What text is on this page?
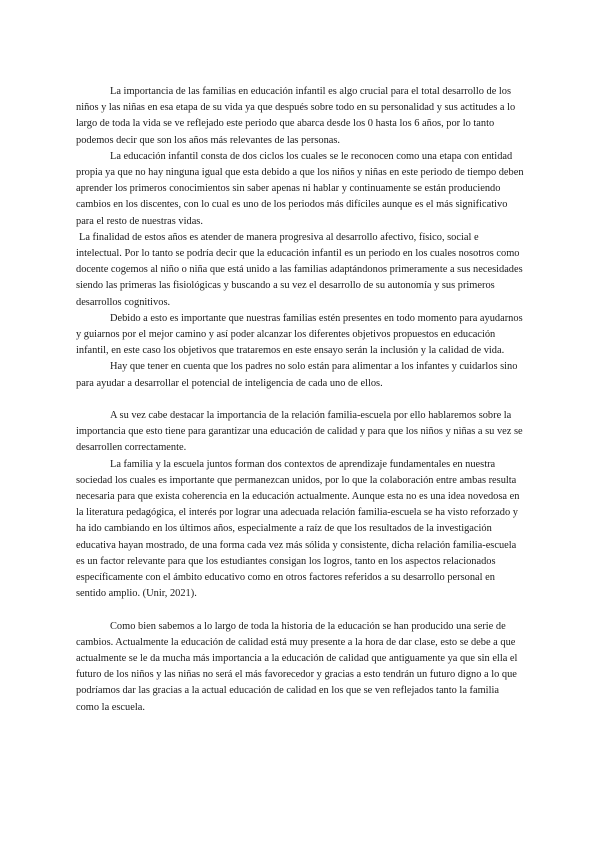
La importancia de las familias en educación infantil es algo crucial para el total desarrollo de los niños y las niñas en esa etapa de su vida ya que después sobre todo en su personalidad y sus actitudes a lo largo de toda la vida se ve reflejado este periodo que abarca desde los 0 hasta los 6 años, por lo tanto podemos decir que son los años más relevantes de las personas.

La educación infantil consta de dos ciclos los cuales se le reconocen como una etapa con entidad propia ya que no hay ninguna igual que esta debido a que los niños y niñas en este periodo de tiempo deben aprender los primeros conocimientos sin saber apenas ni hablar y continuamente se están produciendo cambios en los discentes, con lo cual es uno de los periodos más difíciles aunque es el más significativo para el resto de nuestras vidas.

La finalidad de estos años es atender de manera progresiva al desarrollo afectivo, físico, social e intelectual. Por lo tanto se podría decir que la educación infantil es un periodo en los cuales nosotros como docente cogemos al niño o niña que está unido a las familias adaptándonos primeramente a sus necesidades siendo las primeras las fisiológicas y buscando a su vez el desarrollo de su autonomía y sus primeros desarrollos cognitivos.

Debido a esto es importante que nuestras familias estén presentes en todo momento para ayudarnos y guiarnos por el mejor camino y así poder alcanzar los diferentes objetivos propuestos en educación infantil, en este caso los objetivos que trataremos en este ensayo serán la inclusión y la calidad de vida.

Hay que tener en cuenta que los padres no solo están para alimentar a los infantes y cuidarlos sino para ayudar a desarrollar el potencial de inteligencia de cada uno de ellos.

A su vez cabe destacar la importancia de la relación familia-escuela por ello hablaremos sobre la importancia que esto tiene para garantizar una educación de calidad y para que los niños y niñas a su vez se desarrollen correctamente.

La familia y la escuela juntos forman dos contextos de aprendizaje fundamentales en nuestra sociedad los cuales es importante que permanezcan unidos, por lo que la colaboración entre ambas resulta necesaria para que exista coherencia en la educación actualmente. Aunque esta no es una idea novedosa en la literatura pedagógica, el interés por lograr una adecuada relación familia-escuela se ha visto reforzado y ha ido cambiando en los últimos años, especialmente a raíz de que los resultados de la investigación educativa hayan mostrado, de una forma cada vez más sólida y consistente, dicha relación familia-escuela es un factor relevante para que los estudiantes consigan los logros, tanto en los aspectos relacionados específicamente con el ámbito educativo como en otros factores referidos a su desarrollo personal en sentido amplio. (Unir, 2021).

Como bien sabemos a lo largo de toda la historia de la educación se han producido una serie de cambios. Actualmente la educación de calidad está muy presente a la hora de dar clase, esto se debe a que actualmente se le da mucha más importancia a la educación de calidad que antiguamente ya que sin ella el futuro de los niños y las niñas no será el más favorecedor y gracias a esto tendrán un futuro digno a lo que podríamos dar las gracias a la actual educación de calidad en los que se ven reflejados tanto la familia como la escuela.
